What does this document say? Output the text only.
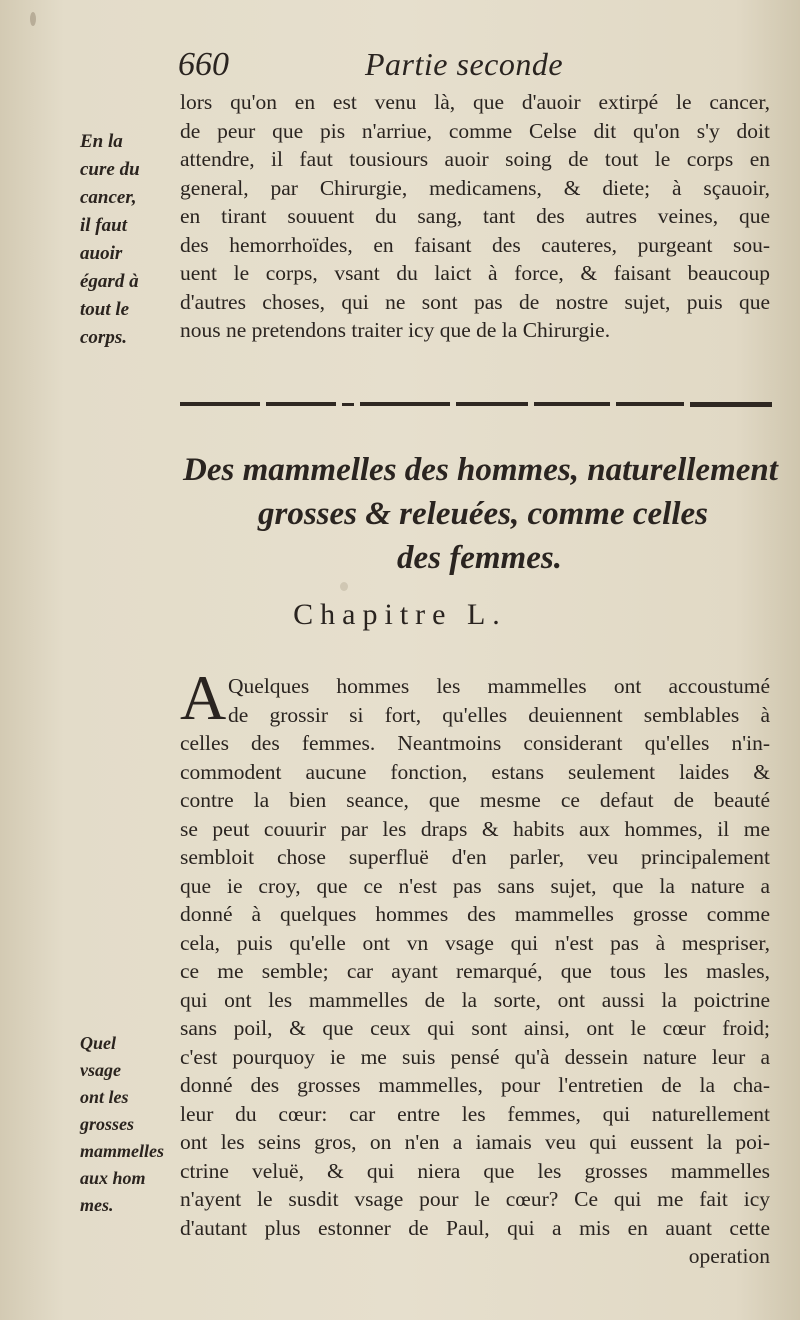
660	Partie seconde
lors qu'on en est venu là, que d'auoir extirpé le cancer,
de peur que pis n'arriue, comme Celse dit qu'on s'y doit
attendre, il faut tousiours auoir soing de tout le corps en
general, par Chirurgie, medicamens, & diete; à sçauoir,
en tirant souuent du sang, tant des autres veines, que
des hemorrhoïdes, en faisant des cauteres, purgeant sou-
uent le corps, vsant du laict à force, & faisant beaucoup
d'autres choses, qui ne sont pas de nostre sujet, puis que
nous ne pretendons traiter icy que de la Chirurgie.
En la
cure du
cancer,
il faut
auoir
égard à
tout le
corps.
Des mammelles des hommes, naturellement
grosses & releuées, comme celles
des femmes.
Chapitre L.
A Quelques hommes les mammelles ont accoustumé
de grossir si fort, qu'elles deuiennent semblables à
celles des femmes. Neantmoins considerant qu'elles n'in-
commodent aucune fonction, estans seulement laides &
contre la bien seance, que mesme ce defaut de beauté
se peut couurir par les draps & habits aux hommes, il me
sembloit chose superfluë d'en parler, veu principalement
que ie croy, que ce n'est pas sans sujet, que la nature a
donné à quelques hommes des mammelles grosse comme
cela, puis qu'elle ont vn vsage qui n'est pas à mespriser,
ce me semble; car ayant remarqué, que tous les masles,
qui ont les mammelles de la sorte, ont aussi la poictrine
sans poil, & que ceux qui sont ainsi, ont le cœur froid;
c'est pourquoy ie me suis pensé qu'à dessein nature leur a
donné des grosses mammelles, pour l'entretien de la cha-
leur du cœur: car entre les femmes, qui naturellement
ont les seins gros, on n'en a iamais veu qui eussent la poi-
ctrine veluë, & qui niera que les grosses mammelles
n'ayent le susdit vsage pour le cœur? Ce qui me fait icy
d'autant plus estonner de Paul, qui a mis en auant cette
operation
Quel
vsage
ont les
grosses
mammelles
aux hom
mes.
